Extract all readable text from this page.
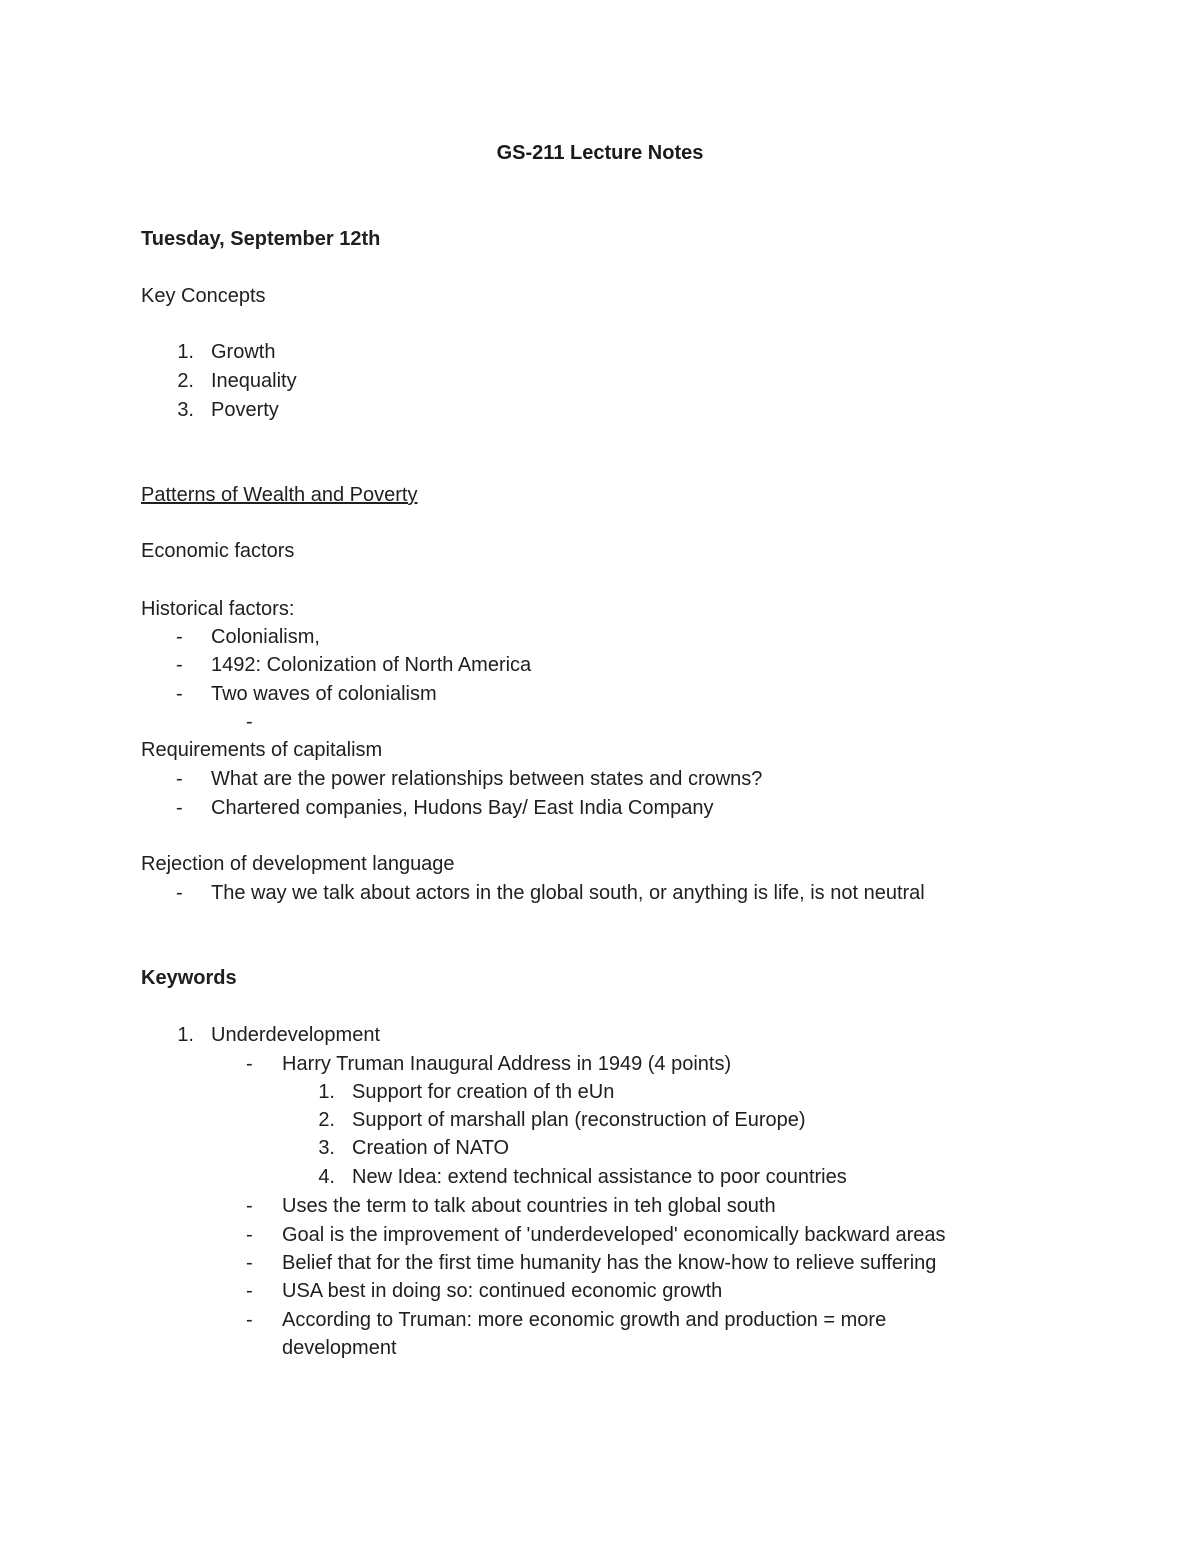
GS-211 Lecture Notes
Tuesday, September 12th
Key Concepts
1. Growth
2. Inequality
3. Poverty
Patterns of Wealth and Poverty
Economic factors
Historical factors:
- Colonialism,
- 1492: Colonization of North America
- Two waves of colonialism
-
Requirements of capitalism
- What are the power relationships between states and crowns?
- Chartered companies, Hudons Bay/ East India Company
Rejection of development language
- The way we talk about actors in the global south, or anything is life, is not neutral
Keywords
1. Underdevelopment
- Harry Truman Inaugural Address in 1949 (4 points)
1. Support for creation of th eUn
2. Support of marshall plan (reconstruction of Europe)
3. Creation of NATO
4. New Idea: extend technical assistance to poor countries
- Uses the term to talk about countries in teh global south
- Goal is the improvement of 'underdeveloped' economically backward areas
- Belief that for the first time humanity has the know-how to relieve suffering
- USA best in doing so: continued economic growth
- According to Truman: more economic growth and production = more
development
